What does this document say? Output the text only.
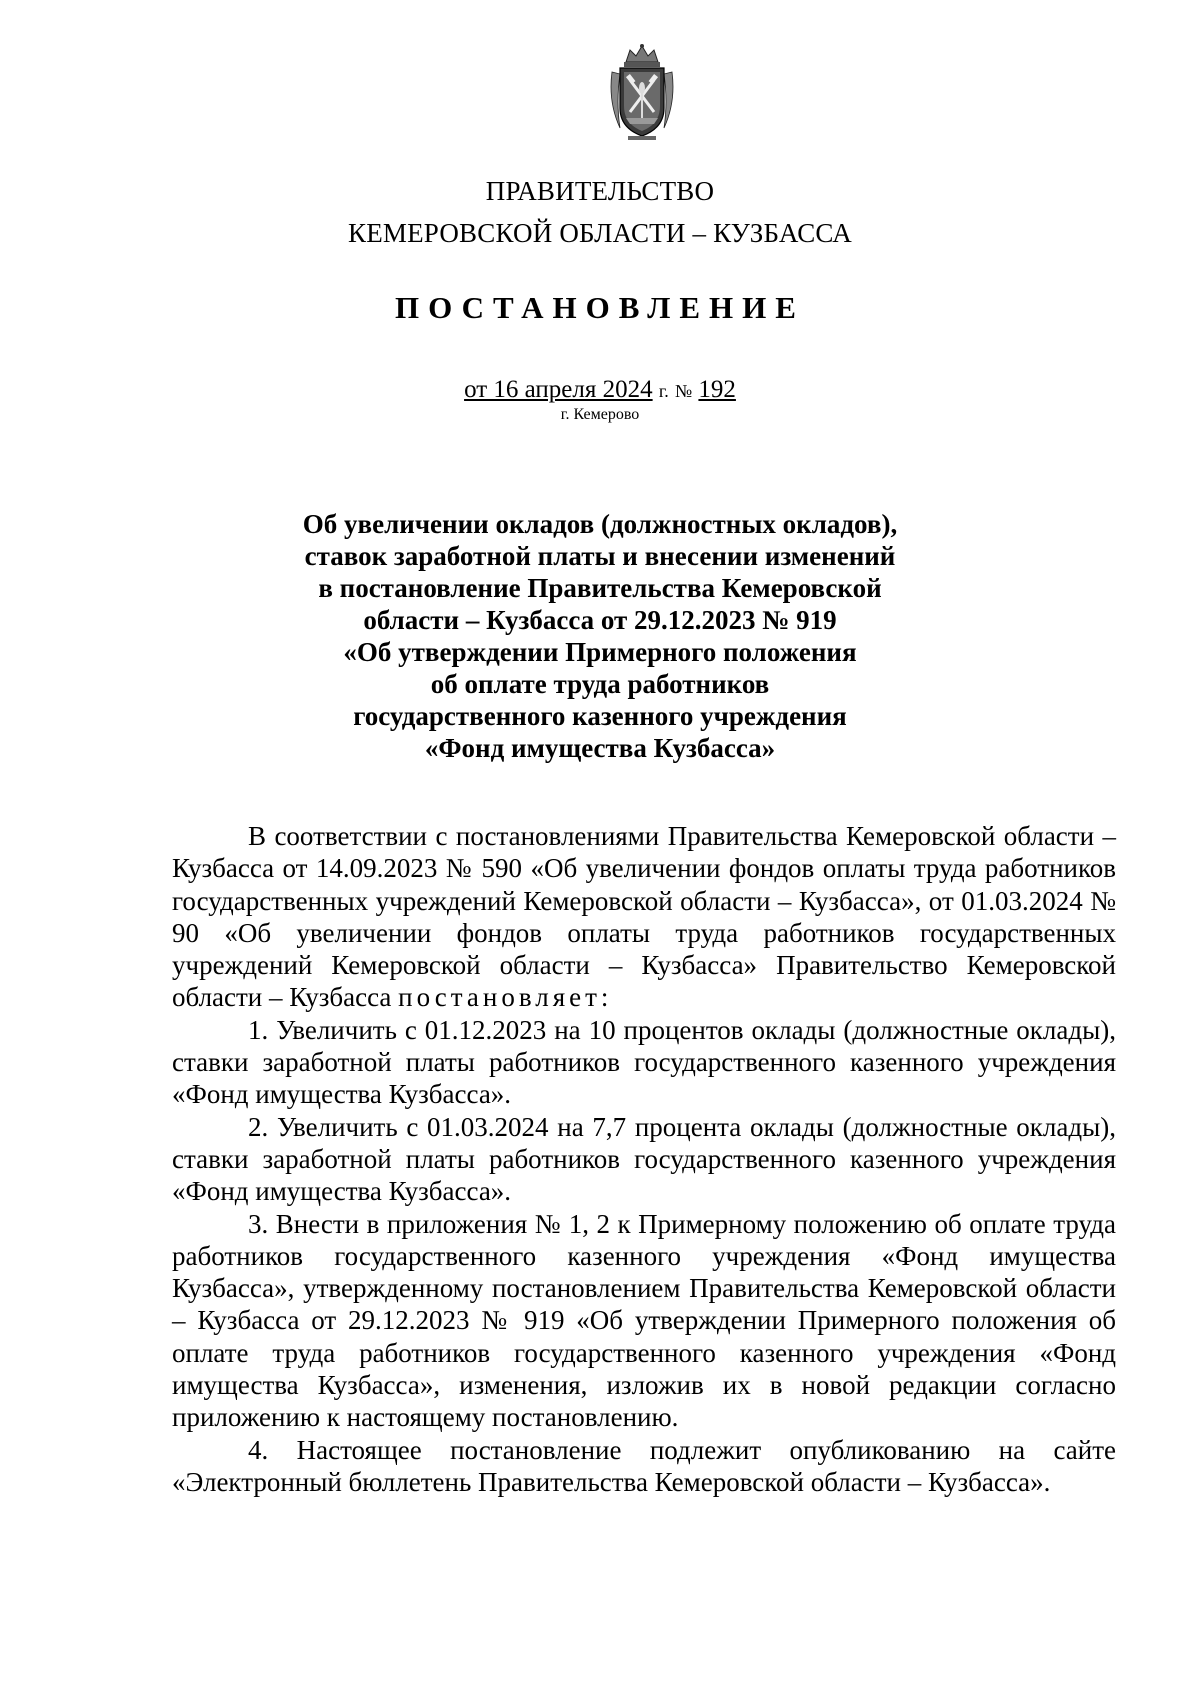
ПРАВИТЕЛЬСТВО
КЕМЕРОВСКОЙ ОБЛАСТИ – КУЗБАССА
ПОСТАНОВЛЕНИЕ
от 16 апреля 2024 г. № 192
г. Кемерово
Об увеличении окладов (должностных окладов),
ставок заработной платы и внесении изменений
в постановление Правительства Кемеровской
области – Кузбасса от 29.12.2023 № 919
«Об утверждении Примерного положения
об оплате труда работников
государственного казенного учреждения
«Фонд имущества Кузбасса»

В соответствии с постановлениями Правительства Кемеровской области – Кузбасса от 14.09.2023 № 590 «Об увеличении фондов оплаты труда работников государственных учреждений Кемеровской области – Кузбасса», от 01.03.2024 № 90 «Об увеличении фондов оплаты труда работников государственных учреждений Кемеровской области – Кузбасса» Правительство Кемеровской области – Кузбасса постановляет:

1. Увеличить с 01.12.2023 на 10 процентов оклады (должностные оклады), ставки заработной платы работников государственного казенного учреждения «Фонд имущества Кузбасса».

2. Увеличить с 01.03.2024 на 7,7 процента оклады (должностные оклады), ставки заработной платы работников государственного казенного учреждения «Фонд имущества Кузбасса».

3. Внести в приложения № 1, 2 к Примерному положению об оплате труда работников государственного казенного учреждения «Фонд имущества Кузбасса», утвержденному постановлением Правительства Кемеровской области – Кузбасса от 29.12.2023 № 919 «Об утверждении Примерного положения об оплате труда работников государственного казенного учреждения «Фонд имущества Кузбасса», изменения, изложив их в новой редакции согласно приложению к настоящему постановлению.

4. Настоящее постановление подлежит опубликованию на сайте «Электронный бюллетень Правительства Кемеровской области – Кузбасса».
